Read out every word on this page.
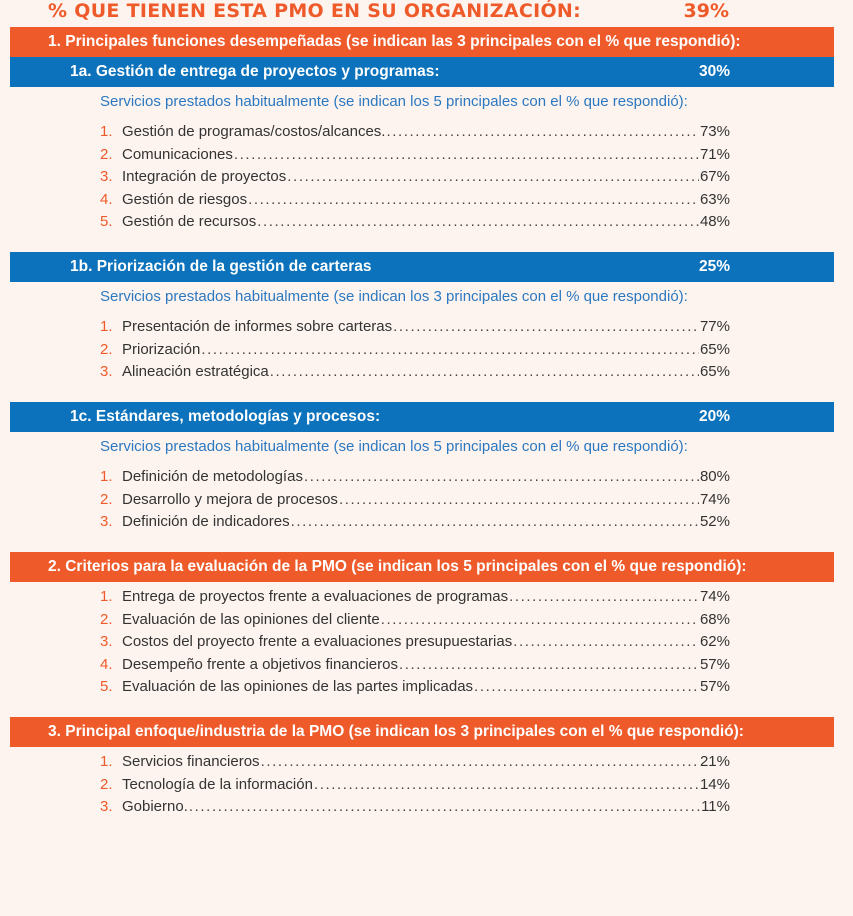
% QUE TIENEN ESTA PMO EN SU ORGANIZACIÓN:	39%
1. Principales funciones desempeñadas (se indican las 3 principales con el % que respondió):
1a. Gestión de entrega de proyectos y programas:	30%
Servicios prestados habitualmente (se indican los 5 principales con el % que respondió):
1. Gestión de programas/costos/alcances. .....	73%
2. Comunicaciones .....	71%
3. Integración de proyectos .....	67%
4. Gestión de riesgos .....	63%
5. Gestión de recursos .....	48%
1b. Priorización de la gestión de carteras	25%
Servicios prestados habitualmente (se indican los 3 principales con el % que respondió):
1. Presentación de informes sobre carteras .....	77%
2. Priorización .....	65%
3. Alineación estratégica .....	65%
1c. Estándares, metodologías y procesos:	20%
Servicios prestados habitualmente (se indican los 5 principales con el % que respondió):
1. Definición de metodologías .....	80%
2. Desarrollo y mejora de procesos .....	74%
3. Definición de indicadores .....	52%
2. Criterios para la evaluación de la PMO (se indican los 5 principales con el % que respondió):
1. Entrega de proyectos frente a evaluaciones de programas .....	74%
2. Evaluación de las opiniones del cliente .....	68%
3. Costos del proyecto frente a evaluaciones presupuestarias .....	62%
4. Desempeño frente a objetivos financieros .....	57%
5. Evaluación de las opiniones de las partes implicadas .....	57%
3. Principal enfoque/industria de la PMO (se indican los 3 principales con el % que respondió):
1. Servicios financieros .....	21%
2. Tecnología de la información .....	14%
3. Gobierno. .....	11%
